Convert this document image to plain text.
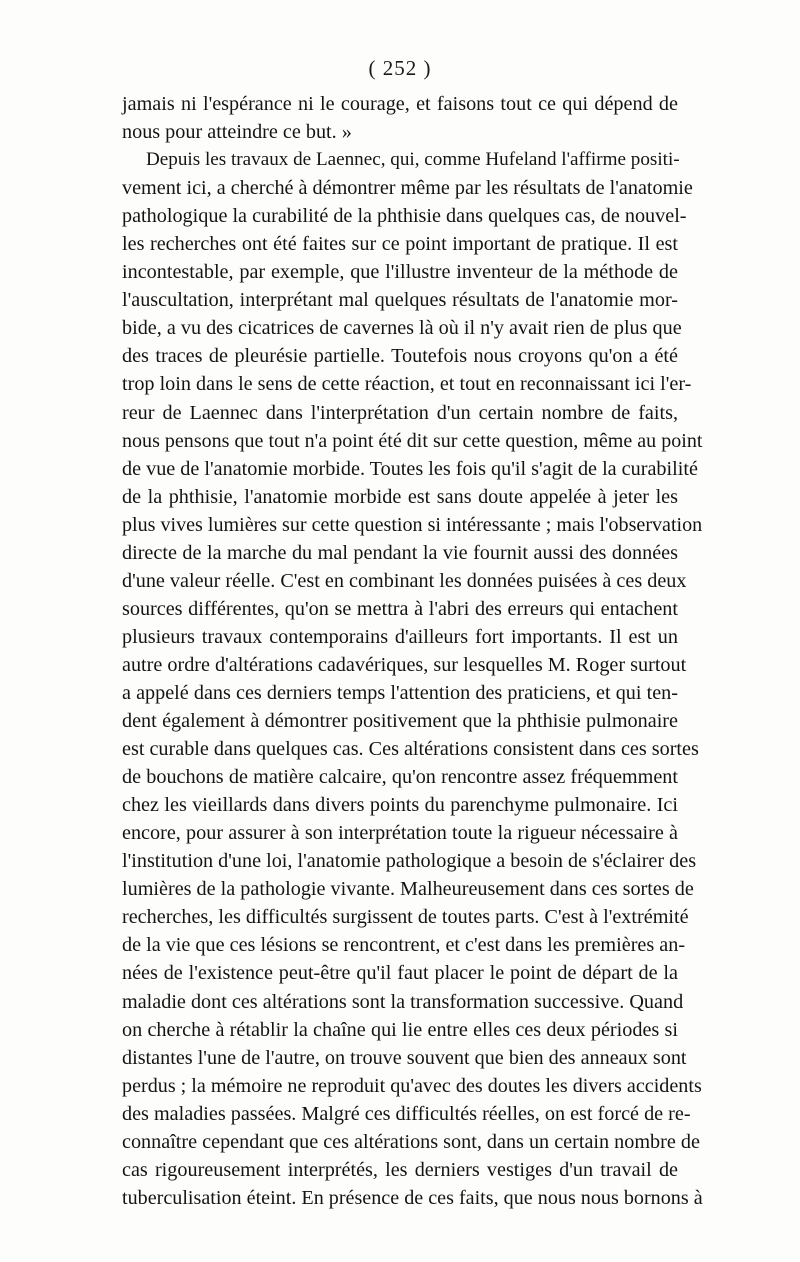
( 252 )
jamais ni l'espérance ni le courage, et faisons tout ce qui dépend de
nous pour atteindre ce but. »
Depuis les travaux de Laennec, qui, comme Hufeland l'affirme positi-
vement ici, a cherché à démontrer même par les résultats de l'anatomie
pathologique la curabilité de la phthisie dans quelques cas, de nouvel-
les recherches ont été faites sur ce point important de pratique. Il est
incontestable, par exemple, que l'illustre inventeur de la méthode de
l'auscultation, interprétant mal quelques résultats de l'anatomie mor-
bide, a vu des cicatrices de cavernes là où il n'y avait rien de plus que
des traces de pleurésie partielle. Toutefois nous croyons qu'on a été
trop loin dans le sens de cette réaction, et tout en reconnaissant ici l'er-
reur de Laennec dans l'interprétation d'un certain nombre de faits,
nous pensons que tout n'a point été dit sur cette question, même au point
de vue de l'anatomie morbide. Toutes les fois qu'il s'agit de la curabilité
de la phthisie, l'anatomie morbide est sans doute appelée à jeter les
plus vives lumières sur cette question si intéressante ; mais l'observation
directe de la marche du mal pendant la vie fournit aussi des données
d'une valeur réelle. C'est en combinant les données puisées à ces deux
sources différentes, qu'on se mettra à l'abri des erreurs qui entachent
plusieurs travaux contemporains d'ailleurs fort importants. Il est un
autre ordre d'altérations cadavériques, sur lesquelles M. Roger surtout
a appelé dans ces derniers temps l'attention des praticiens, et qui ten-
dent également à démontrer positivement que la phthisie pulmonaire
est curable dans quelques cas. Ces altérations consistent dans ces sortes
de bouchons de matière calcaire, qu'on rencontre assez fréquemment
chez les vieillards dans divers points du parenchyme pulmonaire. Ici
encore, pour assurer à son interprétation toute la rigueur nécessaire à
l'institution d'une loi, l'anatomie pathologique a besoin de s'éclairer des
lumières de la pathologie vivante. Malheureusement dans ces sortes de
recherches, les difficultés surgissent de toutes parts. C'est à l'extrémité
de la vie que ces lésions se rencontrent, et c'est dans les premières an-
nées de l'existence peut-être qu'il faut placer le point de départ de la
maladie dont ces altérations sont la transformation successive. Quand
on cherche à rétablir la chaîne qui lie entre elles ces deux périodes si
distantes l'une de l'autre, on trouve souvent que bien des anneaux sont
perdus ; la mémoire ne reproduit qu'avec des doutes les divers accidents
des maladies passées. Malgré ces difficultés réelles, on est forcé de re-
connaître cependant que ces altérations sont, dans un certain nombre de
cas rigoureusement interprétés, les derniers vestiges d'un travail de
tuberculisation éteint. En présence de ces faits, que nous nous bornons à
